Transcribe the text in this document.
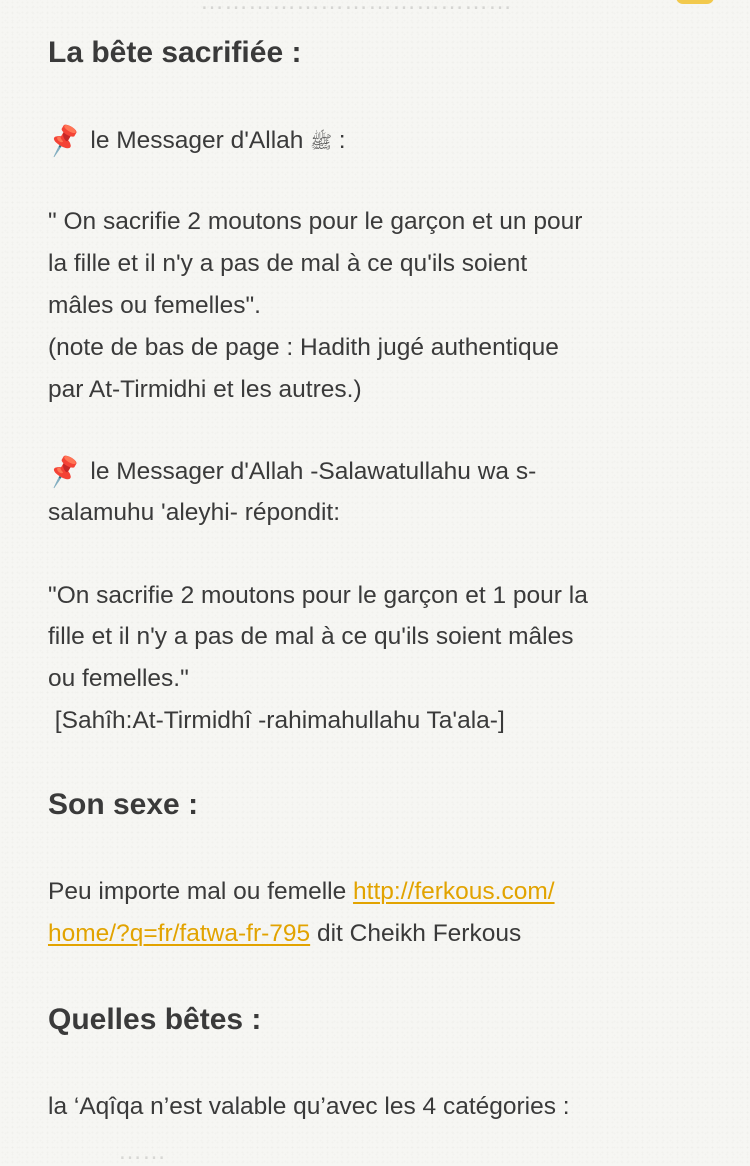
…………………………………
La bête sacrifiée :

📌 le Messager d'Allah ﷺ :

" On sacrifie 2 moutons pour le garçon et un pour

la fille et il n'y a pas de mal à ce qu'ils soient

mâles ou femelles".

(note de bas de page : Hadith jugé authentique

par At-Tirmidhi et les autres.)

📌 le Messager d'Allah -Salawatullahu wa s-

salamuhu 'aleyhi- répondit:

"On sacrifie 2 moutons pour le garçon et 1 pour la

fille et il n'y a pas de mal à ce qu'ils soient mâles

ou femelles."

[Sahîh:At-Tirmidhî -rahimahullahu Ta'ala-]

Son sexe :

Peu importe mal ou femelle http://ferkous.com/

home/?q=fr/fatwa-fr-795 dit Cheikh Ferkous

Quelles bêtes :

la ‘Aqîqa n’est valable qu’avec les 4 catégories :

……
